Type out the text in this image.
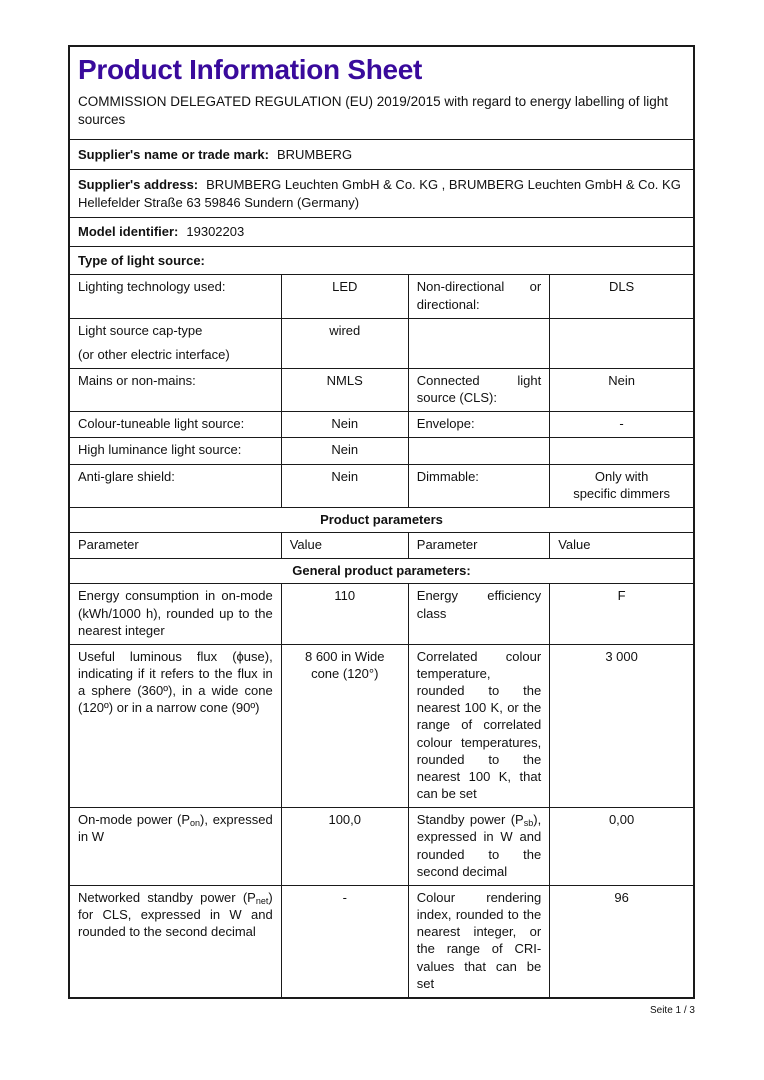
Product Information Sheet
COMMISSION DELEGATED REGULATION (EU) 2019/2015 with regard to energy labelling of light sources
Supplier's name or trade mark: BRUMBERG
Supplier's address: BRUMBERG Leuchten GmbH & Co. KG , BRUMBERG Leuchten GmbH & Co. KG Hellefelder Straße 63 59846 Sundern (Germany)
Model identifier: 19302203
Type of light source:
Lighting technology used:	LED	Non-directional or directional:	DLS
Light source cap-type
(or other electric interface)	wired		
Mains or non-mains:	NMLS	Connected light source (CLS):	Nein
Colour-tuneable light source:	Nein	Envelope:	-
High luminance light source:	Nein		
Anti-glare shield:	Nein	Dimmable:	Only with
specific dimmers
Product parameters			
Parameter	Value	Parameter	Value
General product parameters:			
Energy consumption in on-mode (kWh/1000 h), rounded up to the nearest integer	110	Energy efficiency class	F
Useful luminous flux (ϕuse), indicating if it refers to the flux in a sphere (360º), in a wide cone (120º) or in a narrow cone (90º)	8 600 in Wide cone (120°)	Correlated colour temperature, rounded to the nearest 100 K, or the range of correlated colour temperatures, rounded to the nearest 100 K, that can be set	3 000
On-mode power $(P_{on})$, expressed in W	100,0	Standby power $(P_{sb})$, expressed in W and rounded to the second decimal	0,00
Networked standby power $(P_{net})$ for CLS, expressed in W and rounded to the second decimal	-	Colour rendering index, rounded to the nearest integer, or the range of CRI-values that can be set	96
Seite 1 / 3
